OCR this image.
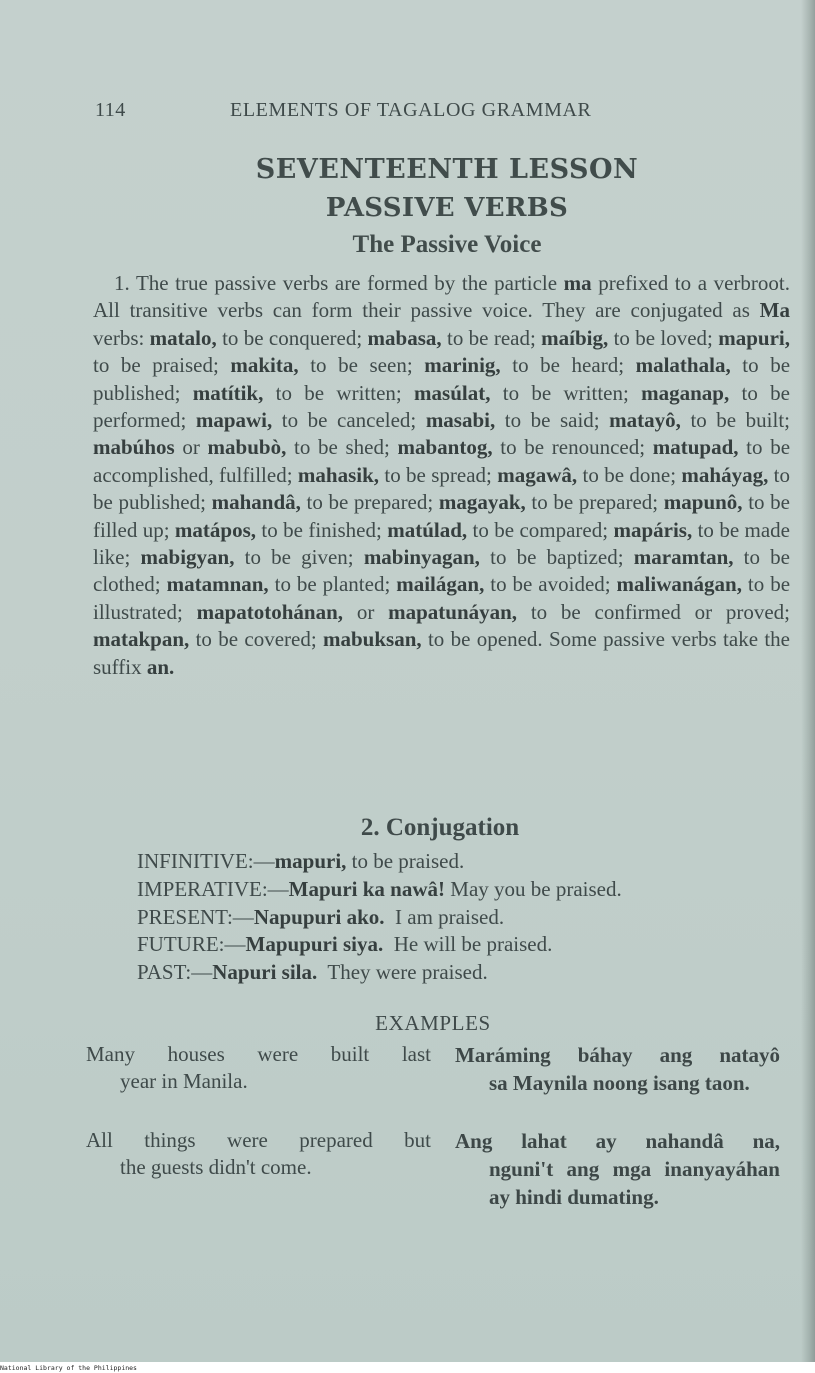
114	ELEMENTS OF TAGALOG GRAMMAR
SEVENTEENTH LESSON
PASSIVE VERBS
The Passive Voice
1. The true passive verbs are formed by the particle ma prefixed to a verbroot. All transitive verbs can form their passive voice. They are conjugated as Ma verbs: matalo, to be conquered; mabasa, to be read; maíbig, to be loved; mapuri, to be praised; makita, to be seen; marinig, to be heard; malathala, to be published; matítik, to be written; masúlat, to be written; maganap, to be performed; mapawi, to be canceled; masabi, to be said; matayô, to be built; mabúhos or mabubò, to be shed; mabantog, to be renounced; matupad, to be accomplished, fulfilled; mahasik, to be spread; magawâ, to be done; maháyag, to be published; mahandâ, to be prepared; magayak, to be prepared; mapunô, to be filled up; matápos, to be finished; matúlad, to be compared; mapáris, to be made like; mabigyan, to be given; mabinyagan, to be baptized; maramtan, to be clothed; matamnan, to be planted; mailágan, to be avoided; maliwanágan, to be illustrated; mapatotohánan, or mapatunáyan, to be confirmed or proved; matakpan, to be covered; mabuksan, to be opened. Some passive verbs take the suffix an.
2. Conjugation
INFINITIVE:—mapuri, to be praised.
IMPERATIVE:—Mapuri ka nawâ! May you be praised.
PRESENT:—Napupuri ako.  I am praised.
FUTURE:—Mapupuri siya.  He will be praised.
PAST:—Napuri sila.  They were praised.
EXAMPLES
Many houses were built last
year in Manila.
Maráming báhay ang natayô
sa Maynila noong isang taon.
All things were prepared but
the guests didn't come.
Ang lahat ay nahandâ na,
nguni't ang mga inanyayáhan ay hindi dumating.
National Library of the Philippines
